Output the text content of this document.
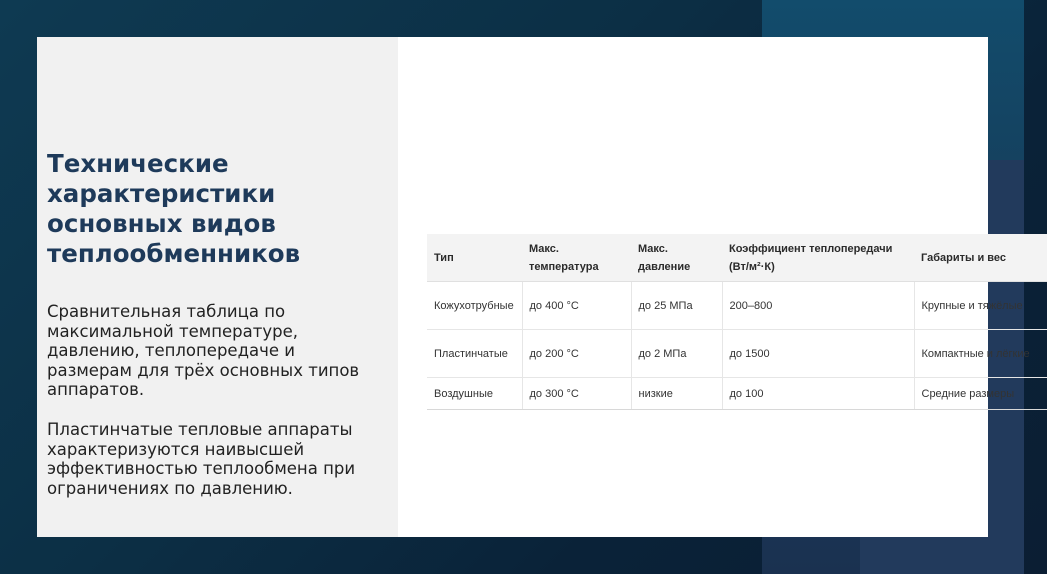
Технические характеристики основных видов теплообменников

Сравнительная таблица по максимальной температуре, давлению, теплопередаче и размерам для трёх основных типов аппаратов.

Пластинчатые тепловые аппараты характеризуются наивысшей эффективностью теплообмена при ограничениях по давлению.

Тип	Макс. температура	Макс. давление	Коэффициент теплопередачи (Вт/м²·К)	Габариты и вес
Кожухотрубные	до 400 °C	до 25 МПа	200–800	Крупные и тяжёлые
Пластинчатые	до 200 °C	до 2 МПа	до 1500	Компактные и лёгкие
Воздушные	до 300 °C	низкие	до 100	Средние размеры
